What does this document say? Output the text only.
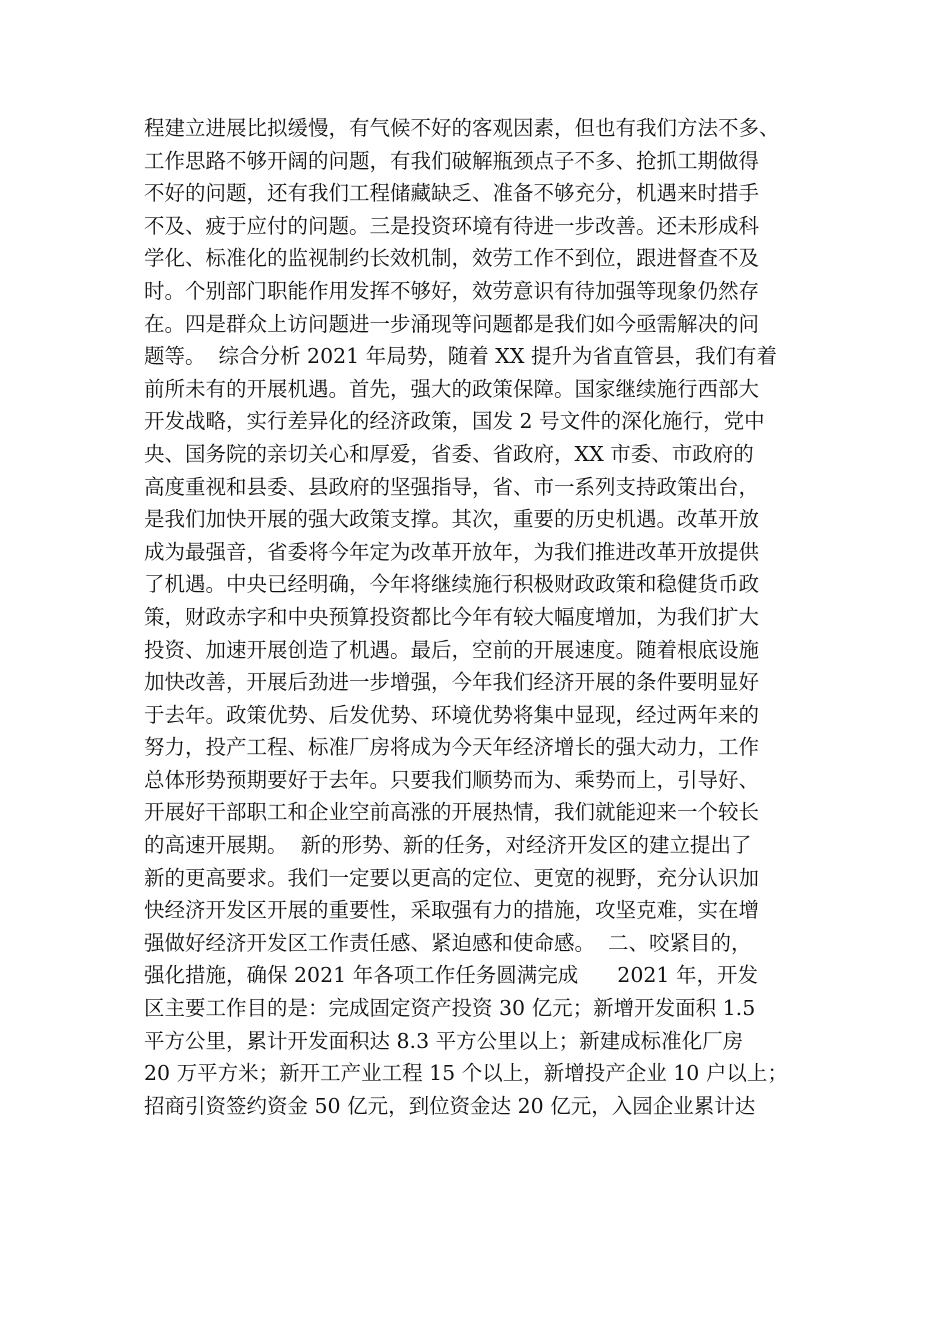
程建立进展比拟缓慢，有气候不好的客观因素，但也有我们方法不多、
工作思路不够开阔的问题，有我们破解瓶颈点子不多、抢抓工期做得
不好的问题，还有我们工程储藏缺乏、准备不够充分，机遇来时措手
不及、疲于应付的问题。三是投资环境有待进一步改善。还未形成科
学化、标准化的监视制约长效机制，效劳工作不到位，跟进督查不及
时。个别部门职能作用发挥不够好，效劳意识有待加强等现象仍然存
在。四是群众上访问题进一步涌现等问题都是我们如今亟需解决的问
题等。  综合分析 2021 年局势，随着 XX 提升为省直管县，我们有着
前所未有的开展机遇。首先，强大的政策保障。国家继续施行西部大
开发战略，实行差异化的经济政策，国发 2 号文件的深化施行，党中
央、国务院的亲切关心和厚爱，省委、省政府，XX 市委、市政府的
高度重视和县委、县政府的坚强指导，省、市一系列支持政策出台，
是我们加快开展的强大政策支撑。其次，重要的历史机遇。改革开放
成为最强音，省委将今年定为改革开放年，为我们推进改革开放提供
了机遇。中央已经明确，今年将继续施行积极财政政策和稳健货币政
策，财政赤字和中央预算投资都比今年有较大幅度增加，为我们扩大
投资、加速开展创造了机遇。最后，空前的开展速度。随着根底设施
加快改善，开展后劲进一步增强，今年我们经济开展的条件要明显好
于去年。政策优势、后发优势、环境优势将集中显现，经过两年来的
努力，投产工程、标准厂房将成为今天年经济增长的强大动力，工作
总体形势预期要好于去年。只要我们顺势而为、乘势而上，引导好、
开展好干部职工和企业空前高涨的开展热情，我们就能迎来一个较长
的高速开展期。  新的形势、新的任务，对经济开发区的建立提出了
新的更高要求。我们一定要以更高的定位、更宽的视野，充分认识加
快经济开发区开展的重要性，采取强有力的措施，攻坚克难，实在增
强做好经济开发区工作责任感、紧迫感和使命感。  二、咬紧目的，
强化措施，确保 2021 年各项工作任务圆满完成      2021 年，开发
区主要工作目的是：完成固定资产投资 30 亿元；新增开发面积 1.5
平方公里，累计开发面积达 8.3 平方公里以上；新建成标准化厂房
20 万平方米；新开工产业工程 15 个以上，新增投产企业 10 户以上；
招商引资签约资金 50 亿元，到位资金达 20 亿元，入园企业累计达
